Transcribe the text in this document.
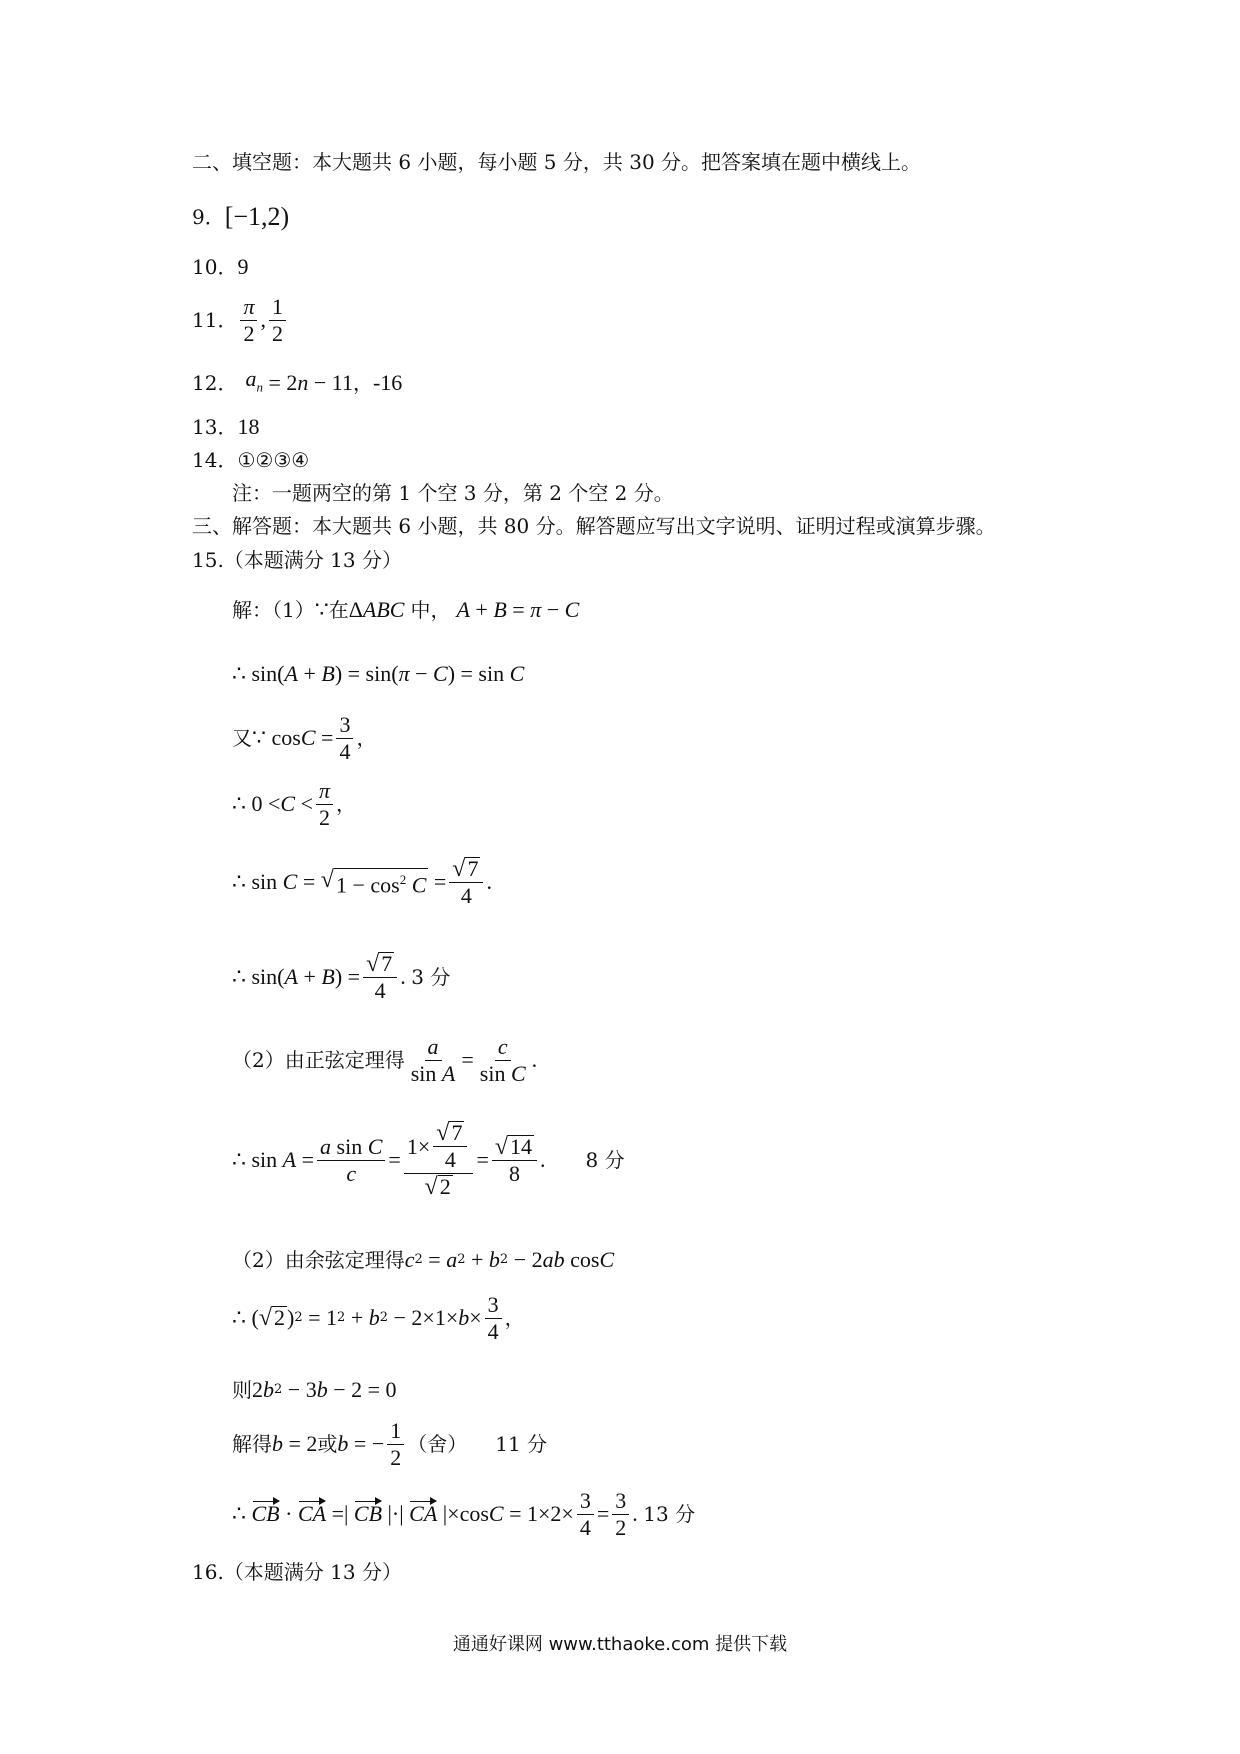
二、填空题：本大题共 6 小题，每小题 5 分，共 30 分。把答案填在题中横线上。
9． [−1,2)
10． 9
11． $\frac{\pi}{2}$ , $\frac{1}{2}$
12． $a_n = 2n - 11$ ， -16
13． 18
14． ①②③④
注：一题两空的第 1 个空 3 分，第 2 个空 2 分。
三、解答题：本大题共 6 小题，共 80 分。解答题应写出文字说明、证明过程或演算步骤。
15.（本题满分 13 分）
解：（1） ∵ 在 Δ ABC 中， A + B = π − C
∴ sin( A + B ) = sin( π − C ) = sin C
又 ∵ $\cos C = \frac{3}{4}$ ，
∴ $0 < C < \frac{\pi}{2}$ ，
∴ sin C = √ $1 - \cos^2 C = \frac{√ 7}{4}$ .
∴ sin( A + B ) = $\frac{√ 7}{4}$ . 3 分
（2）由正弦定理得 $\frac{a}{\text{sin A}} = \frac{c}{\text{sin C}}$ .
∴ $\sin A = \frac{\text{a sin C}}{c} = \frac{1\times \frac{√ 7}{4}}{√ 2} = \frac{√ 14}{8}$ . 8 分
（2）由余弦定理得 c 2 = a 2 + b 2 − 2 ab cos C
∴ ( √ 2 ) 2 = 1 2 + b $2 - 2\times 1\times b \times \frac{3}{4}$ ，
则 2 b 2 − 3 b − 2 = 0
解得 b = 2 或 b = − $\frac{1}{2}$ （舍） 11 分
∴ CB · CA =| CB |·| CA |×cos $C = 1\times 2\times \frac{3}{4} = \frac{3}{2}$ . 13 分
16.（本题满分 13 分）
通通好课网 www.tthaoke.com 提供下载
